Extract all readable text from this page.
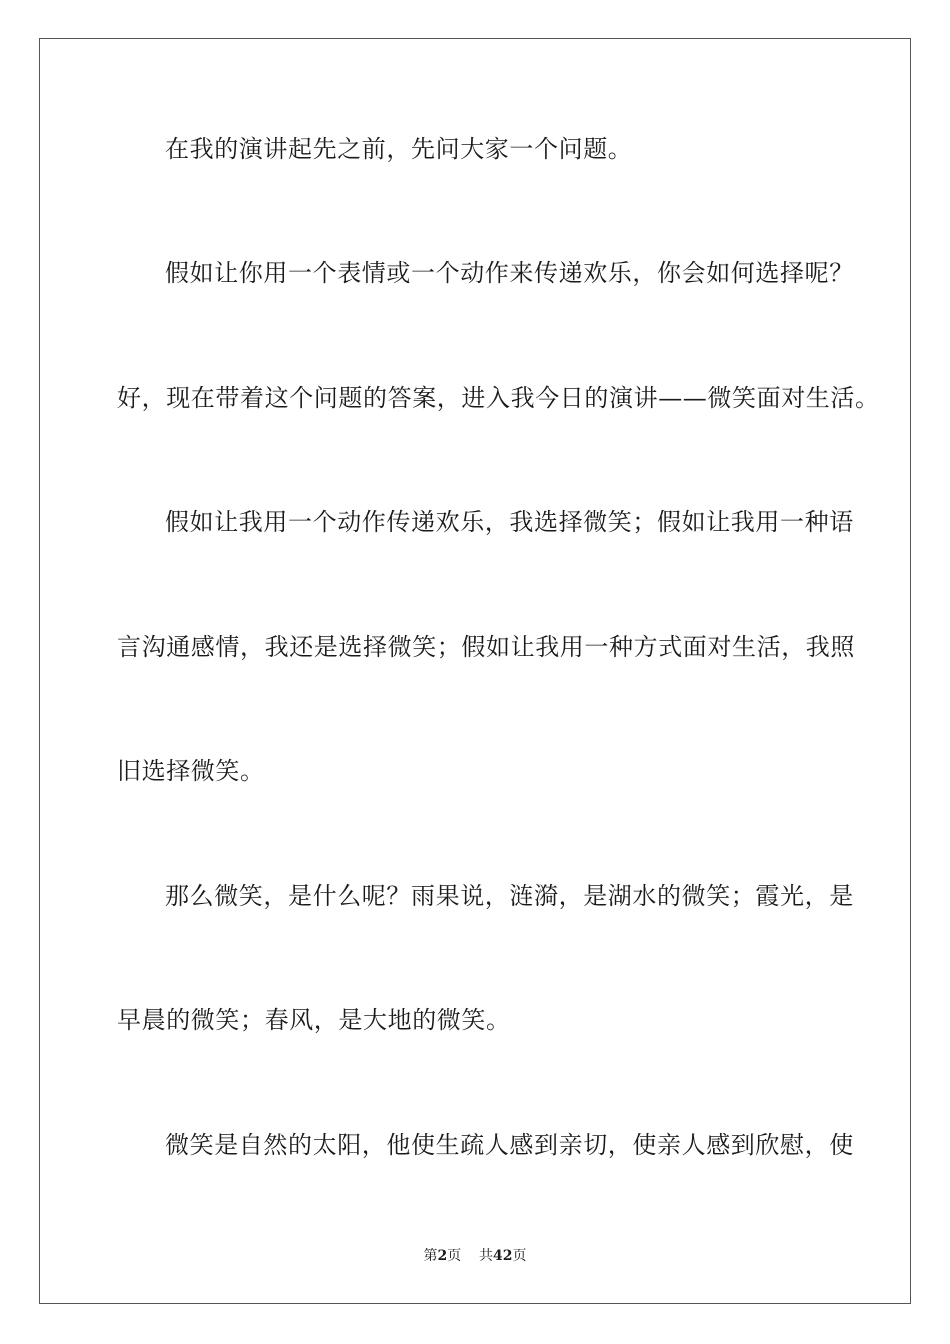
在我的演讲起先之前，先问大家一个问题。
假如让你用一个表情或一个动作来传递欢乐，你会如何选择呢？
好，现在带着这个问题的答案，进入我今日的演讲——微笑面对生活。
假如让我用一个动作传递欢乐，我选择微笑；假如让我用一种语
言沟通感情，我还是选择微笑；假如让我用一种方式面对生活，我照
旧选择微笑。
那么微笑，是什么呢？雨果说，涟漪，是湖水的微笑；霞光，是
早晨的微笑；春风，是大地的微笑。
微笑是自然的太阳，他使生疏人感到亲切，使亲人感到欣慰，使
第2页    共42页
